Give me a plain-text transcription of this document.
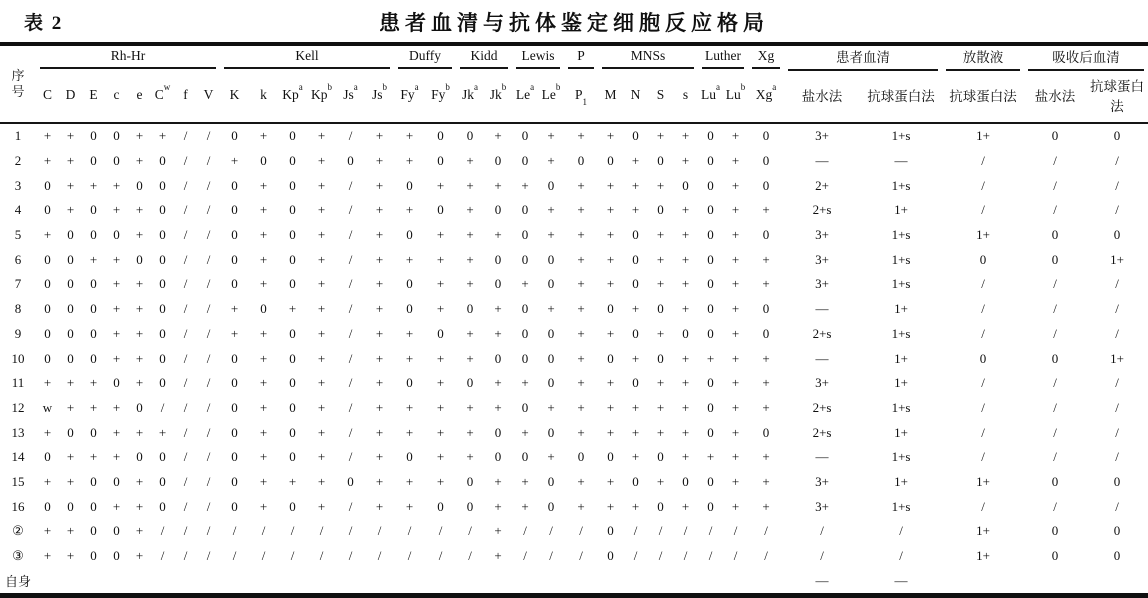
表 2	患者血清与抗体鉴定细胞反应格局
序
号	Rh-Hr								Kell						Duffy		Kidd		Lewis		P	MNSs				Luther		Xg	患者血清		放散液	吸收后血清	

	C	D	E	c	e	$C^w$	f	V	K	k	Kp$^a$	Kp$^b$	Js$^a$	Js$^b$	Fy$^a$	Fy$^b$	Jk$^a$	Jk$^b$	Le$^a$	Le$^b$	$P_1$	M	N	S	s	Lu$^a$	Lu$^b$	Xg$^a$	盐水法	抗球蛋白法	抗球蛋白法	盐水法	抗球蛋白法
1	+	+	0	0	+	+	/	/	0	+	0	+	/	+	+	0	0	+	0	+	+	+	0	+	+	0	+	0	3+	1+s	1+	0	0
2	+	+	0	0	+	0	/	/	+	0	0	+	0	+	+	0	+	0	0	+	0	0	+	0	+	0	+	0	—	—	/	/	/
3	0	+	+	+	0	0	/	/	0	+	0	+	/	+	0	+	+	+	+	0	+	+	+	+	0	0	+	0	2+	1+s	/	/	/
4	0	+	0	+	+	0	/	/	0	+	0	+	/	+	+	0	+	0	0	+	+	+	+	0	+	0	+	+	2+s	1+	/	/	/
5	+	0	0	0	+	0	/	/	0	+	0	+	/	+	0	+	+	+	0	+	+	+	0	+	+	0	+	0	3+	1+s	1+	0	0
6	0	0	+	+	0	0	/	/	0	+	0	+	/	+	+	+	+	0	0	0	+	+	0	+	+	0	+	+	3+	1+s	0	0	1+
7	0	0	0	+	+	0	/	/	0	+	0	+	/	+	0	+	+	0	+	0	+	+	0	+	+	0	+	+	3+	1+s	/	/	/
8	0	0	0	+	+	0	/	/	+	0	+	+	/	+	0	+	0	+	0	+	+	0	+	0	+	0	+	0	—	1+	/	/	/
9	0	0	0	+	+	0	/	/	+	+	0	+	/	+	+	0	+	+	0	0	+	+	0	+	0	0	+	0	2+s	1+s	/	/	/
10	0	0	0	+	+	0	/	/	0	+	0	+	/	+	+	+	+	0	0	0	+	0	+	0	+	+	+	+	—	1+	0	0	1+
11	+	+	+	0	+	0	/	/	0	+	0	+	/	+	0	+	0	+	+	0	+	+	0	+	+	0	+	+	3+	1+	/	/	/
12	w	+	+	+	0	/	/	/	0	+	0	+	/	+	+	+	+	+	0	+	+	+	+	+	+	0	+	+	2+s	1+s	/	/	/
13	+	0	0	+	+	+	/	/	0	+	0	+	/	+	+	+	+	0	+	0	+	+	+	+	+	0	+	0	2+s	1+	/	/	/
14	0	+	+	+	0	0	/	/	0	+	0	+	/	+	0	+	+	0	0	+	0	0	+	0	+	+	+	+	—	1+s	/	/	/
15	+	+	0	0	+	0	/	/	0	+	+	+	0	+	+	+	0	+	+	0	+	+	0	+	0	0	+	+	3+	1+	1+	0	0
16	0	0	0	+	+	0	/	/	0	+	0	+	/	+	+	0	0	+	+	0	+	+	+	0	+	0	+	+	3+	1+s	/	/	/
②	+	+	0	0	+	/	/	/	/	/	/	/	/	/	/	/	/	+	/	/	/	0	/	/	/	/	/	/	/	/	1+	0	0
③	+	+	0	0	+	/	/	/	/	/	/	/	/	/	/	/	/	+	/	/	/	0	/	/	/	/	/	/	/	/	1+	0	0
自身																													—	—			
